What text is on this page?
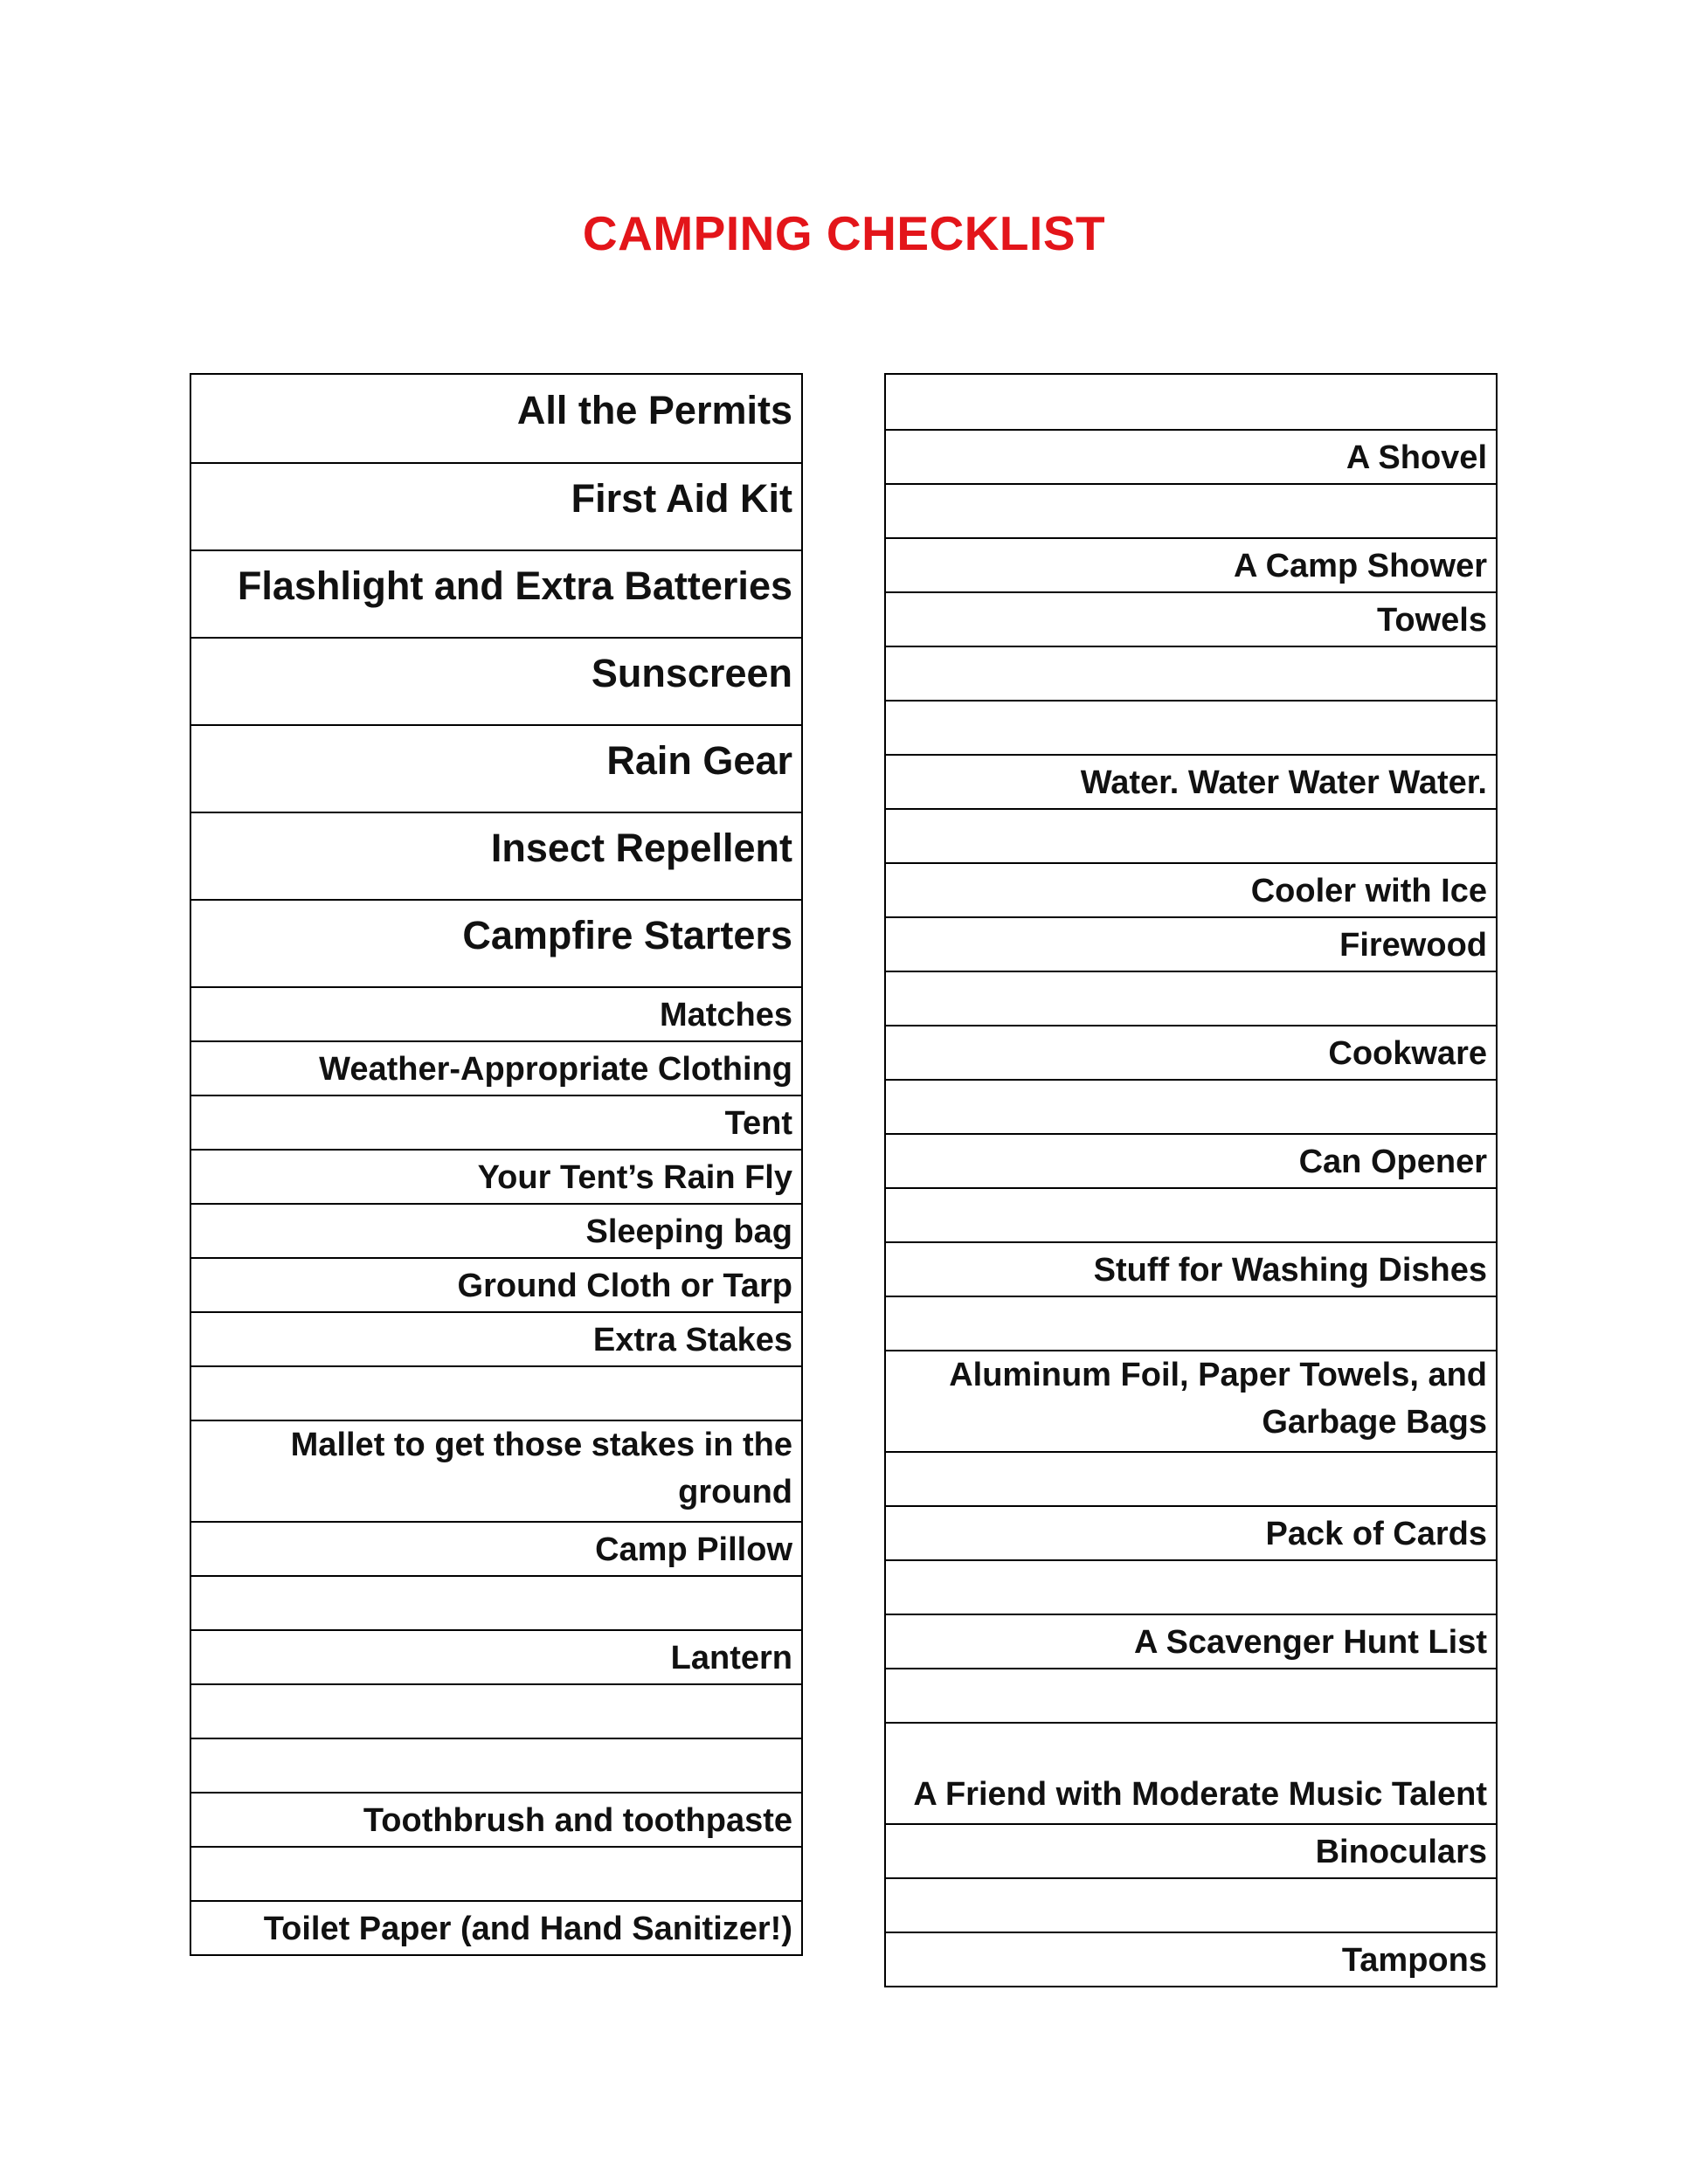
CAMPING CHECKLIST
All the Permits
First Aid Kit
Flashlight and Extra Batteries
Sunscreen
Rain Gear
Insect Repellent
Campfire Starters
Matches
Weather-Appropriate Clothing
Tent
Your Tent’s Rain Fly
Sleeping bag
Ground Cloth or Tarp
Extra Stakes
Mallet to get those stakes in the ground
Camp Pillow
Lantern
Toothbrush and toothpaste
Toilet Paper (and Hand Sanitizer!)
A Shovel
A Camp Shower
Towels
Water. Water Water Water.
Cooler with Ice
Firewood
Cookware
Can Opener
Stuff for Washing Dishes
Aluminum Foil, Paper Towels, and Garbage Bags
Pack of Cards
A Scavenger Hunt List
A Friend with Moderate Music Talent
Binoculars
Tampons
